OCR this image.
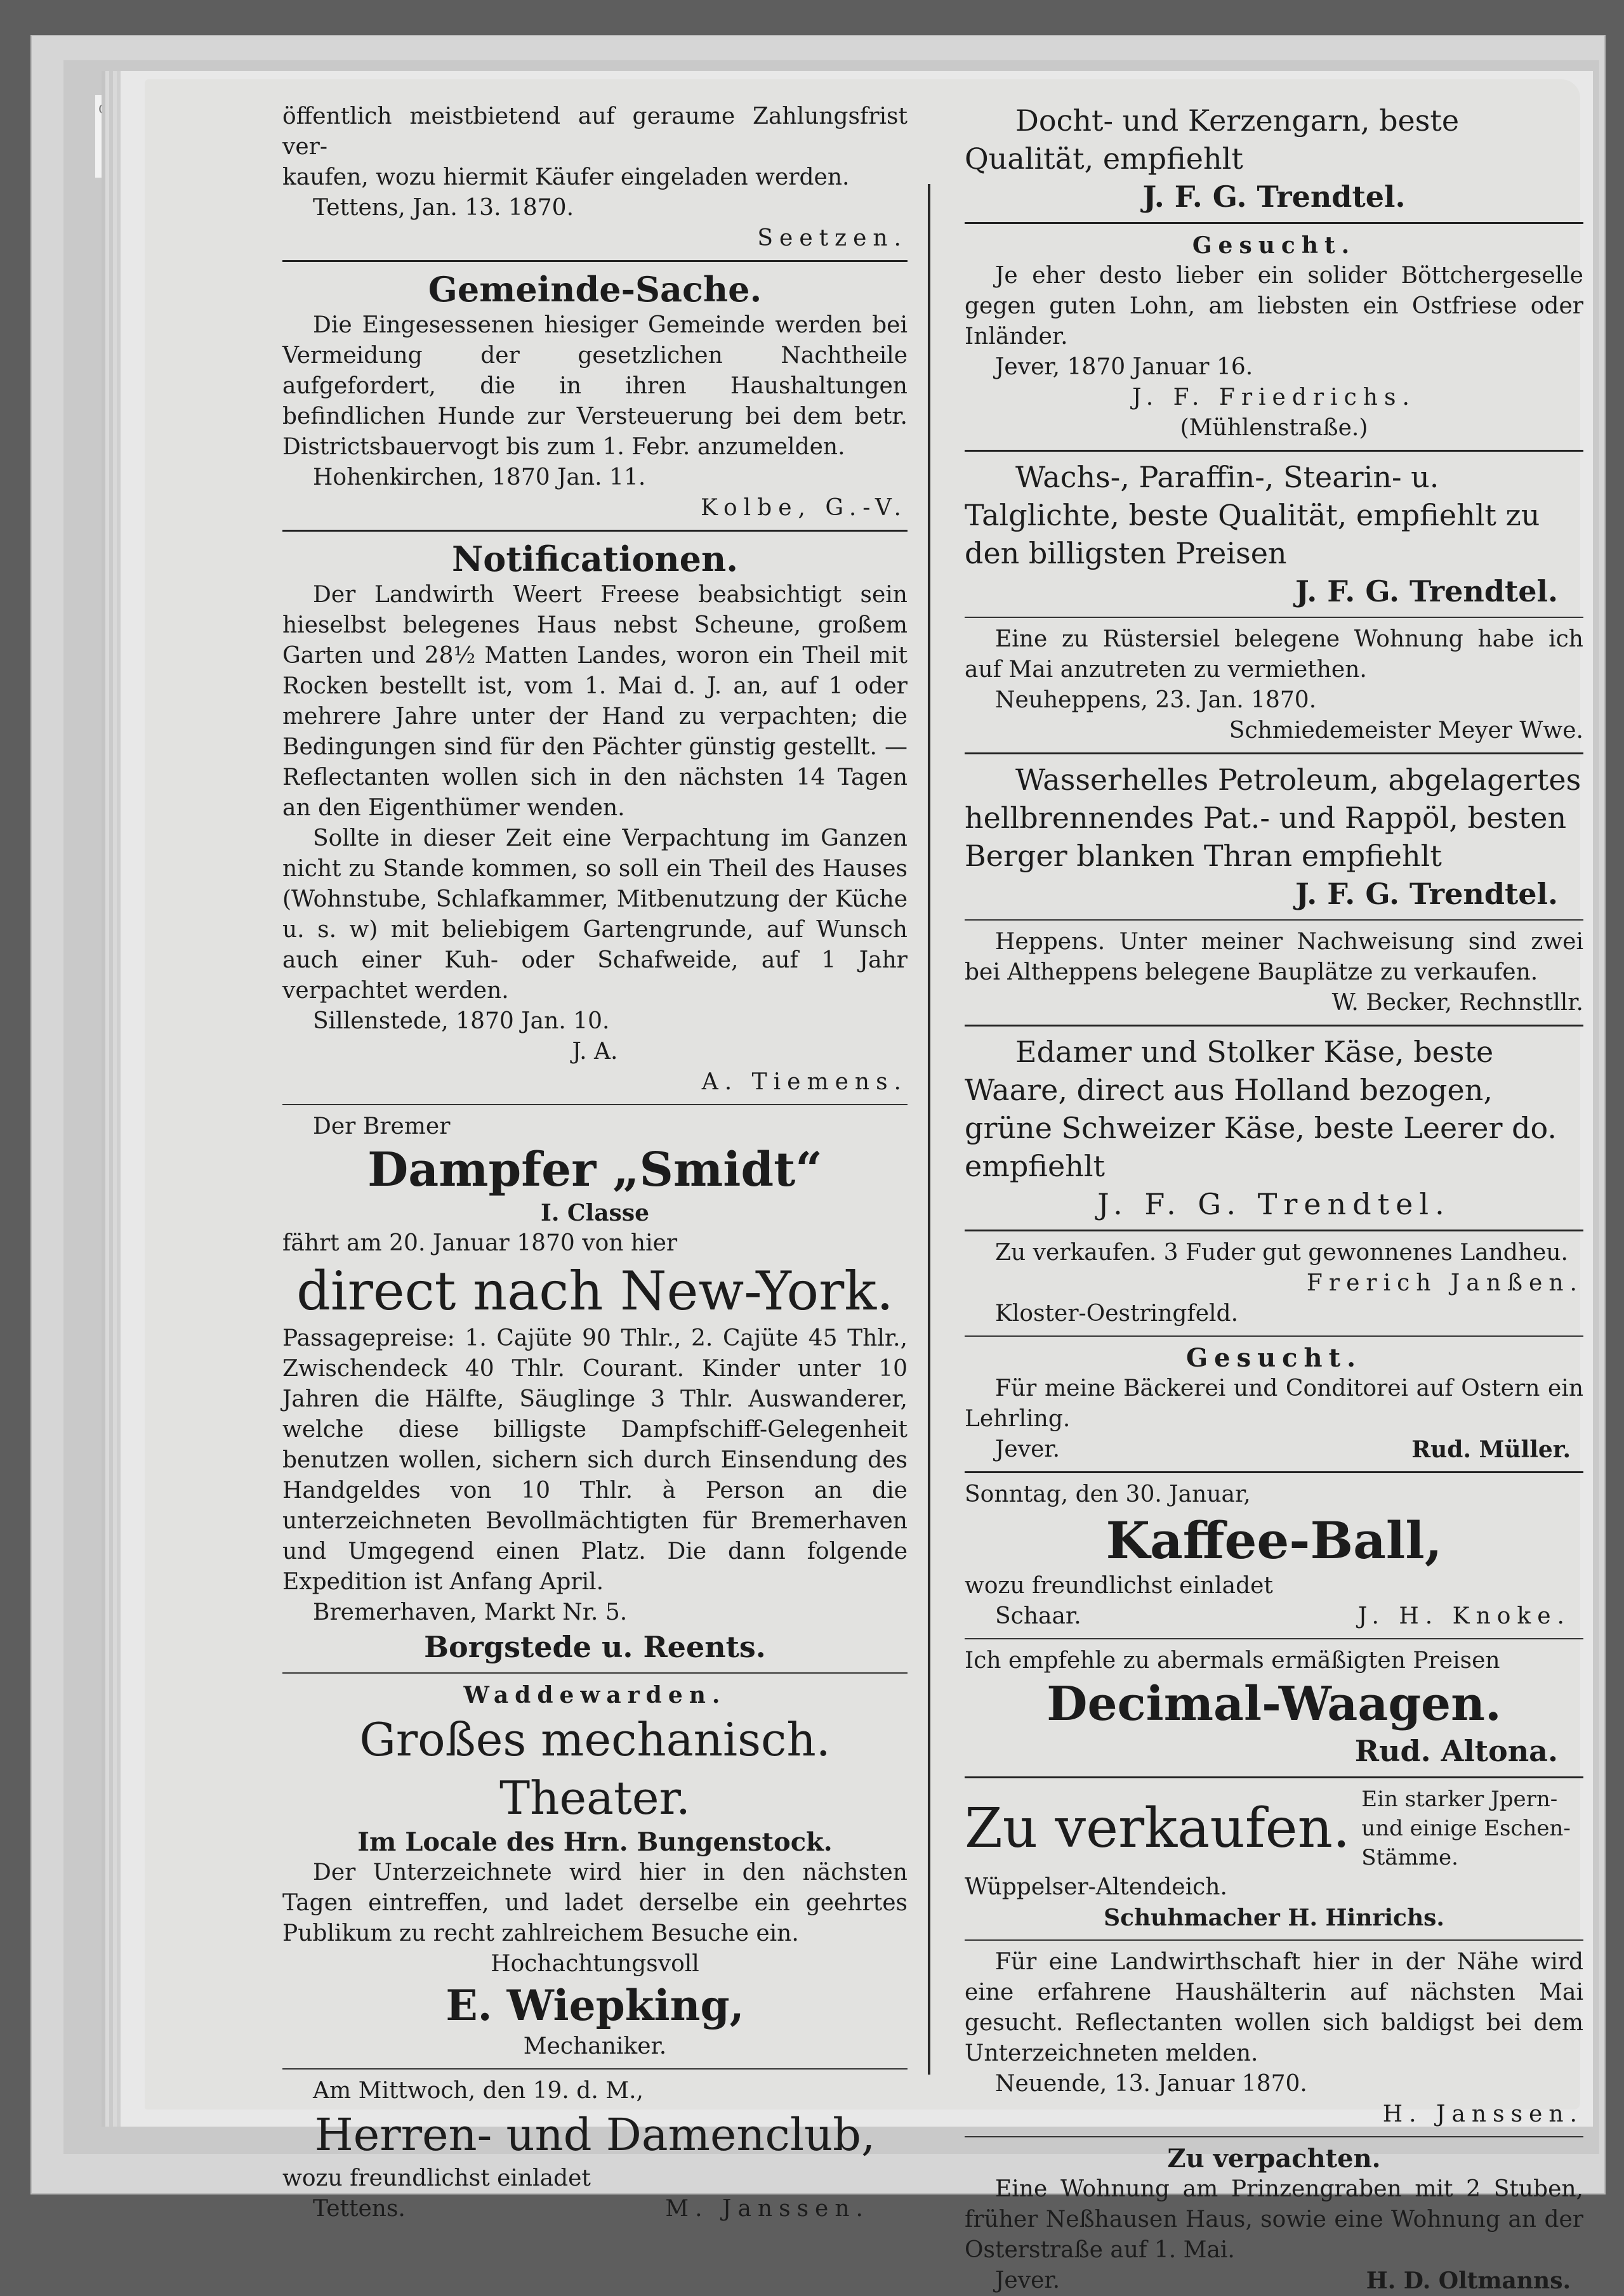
Ge	öffentlich meistbietend auf geraume Zahlungsfrist ver-

kaufen, wozu hiermit Käufer eingeladen werden.

Tettens, Jan. 13. 1870.

Seetzen.

Gemeinde-Sache.

Die Eingesessenen hiesiger Gemeinde werden bei Vermeidung der gesetzlichen Nachtheile aufgefordert, die in ihren Haushaltungen befindlichen Hunde zur Versteuerung bei dem betr. Districtsbauervogt bis zum 1. Febr. anzumelden.

Hohenkirchen, 1870 Jan. 11.

Kolbe, G.-V.

Notificationen.

Der Landwirth Weert Freese beabsichtigt sein hieselbst belegenes Haus nebst Scheune, großem Garten und 28½ Matten Landes, woron ein Theil mit Rocken bestellt ist, vom 1. Mai d. J. an, auf 1 oder mehrere Jahre unter der Hand zu verpachten; die Bedingungen sind für den Pächter günstig gestellt. — Reflectanten wollen sich in den nächsten 14 Tagen an den Eigenthümer wenden.

Sollte in dieser Zeit eine Verpachtung im Ganzen nicht zu Stande kommen, so soll ein Theil des Hauses (Wohnstube, Schlafkammer, Mitbenutzung der Küche u. s. w) mit beliebigem Gartengrunde, auf Wunsch auch einer Kuh- oder Schafweide, auf 1 Jahr verpachtet werden.

Sillenstede, 1870 Jan. 10.

J. A.

A. Tiemens.

Der Bremer

Dampfer „Smidt“

I. Classe

fährt am 20. Januar 1870 von hier

direct nach New-York.

Passagepreise: 1. Cajüte 90 Thlr., 2. Cajüte 45 Thlr., Zwischendeck 40 Thlr. Courant. Kinder unter 10 Jahren die Hälfte, Säuglinge 3 Thlr. Auswanderer, welche diese billigste Dampfschiff-Gelegenheit benutzen wollen, sichern sich durch Einsendung des Handgeldes von 10 Thlr. à Person an die unterzeichneten Bevollmächtigten für Bremerhaven und Umgegend einen Platz. Die dann folgende Expedition ist Anfang April.

Bremerhaven, Markt Nr. 5.

Borgstede u. Reents.

Waddewarden.

Großes mechanisch. Theater.

Im Locale des Hrn. Bungenstock.

Der Unterzeichnete wird hier in den nächsten Tagen eintreffen, und ladet derselbe ein geehrtes Publikum zu recht zahlreichem Besuche ein.

Hochachtungsvoll

E. Wiepking,

Mechaniker.

Am Mittwoch, den 19. d. M.,

Herren- und Damenclub,

wozu freundlichst einladet

Tettens.	M. Janssen.

Docht- und Kerzengarn, beste Qualität, empfiehlt

J. F. G. Trendtel.

Gesucht.

Je eher desto lieber ein solider Böttchergeselle gegen guten Lohn, am liebsten ein Ostfriese oder Inländer.

Jever, 1870 Januar 16.

J. F. Friedrichs.

(Mühlenstraße.)

Wachs-, Paraffin-, Stearin- u. Talglichte, beste Qualität, empfiehlt zu den billigsten Preisen

J. F. G. Trendtel.

Eine zu Rüstersiel belegene Wohnung habe ich auf Mai anzutreten zu vermiethen.

Neuheppens, 23. Jan. 1870.

Schmiedemeister Meyer Wwe.

Wasserhelles Petroleum, abgelagertes hellbrennendes Pat.- und Rappöl, besten Berger blanken Thran empfiehlt

J. F. G. Trendtel.

Heppens. Unter meiner Nachweisung sind zwei bei Altheppens belegene Bauplätze zu verkaufen.

W. Becker, Rechnstllr.

Edamer und Stolker Käse, beste Waare, direct aus Holland bezogen, grüne Schweizer Käse, beste Leerer do. empfiehlt

J. F. G. Trendtel.

Zu verkaufen. 3 Fuder gut gewonnenes Landheu.

Frerich Janßen.

Kloster-Oestringfeld.

Gesucht.

Für meine Bäckerei und Conditorei auf Ostern ein Lehrling.

Jever.	Rud. Müller.

Sonntag, den 30. Januar,

Kaffee-Ball,

wozu freundlichst einladet

Schaar.	J. H. Knoke.

Ich empfehle zu abermals ermäßigten Preisen

Decimal-Waagen.

Rud. Altona.

Zu verkaufen. Ein starker Jpern- und einige Eschen-Stämme.

Wüppelser-Altendeich.

Schuhmacher H. Hinrichs.

Für eine Landwirthschaft hier in der Nähe wird eine erfahrene Haushälterin auf nächsten Mai gesucht. Reflectanten wollen sich baldigst bei dem Unterzeichneten melden.

Neuende, 13. Januar 1870.

H. Janssen.

Zu verpachten.

Eine Wohnung am Prinzengraben mit 2 Stuben, früher Neßhausen Haus, sowie eine Wohnung an der Osterstraße auf 1. Mai.

Jever.	H. D. Oltmanns.
